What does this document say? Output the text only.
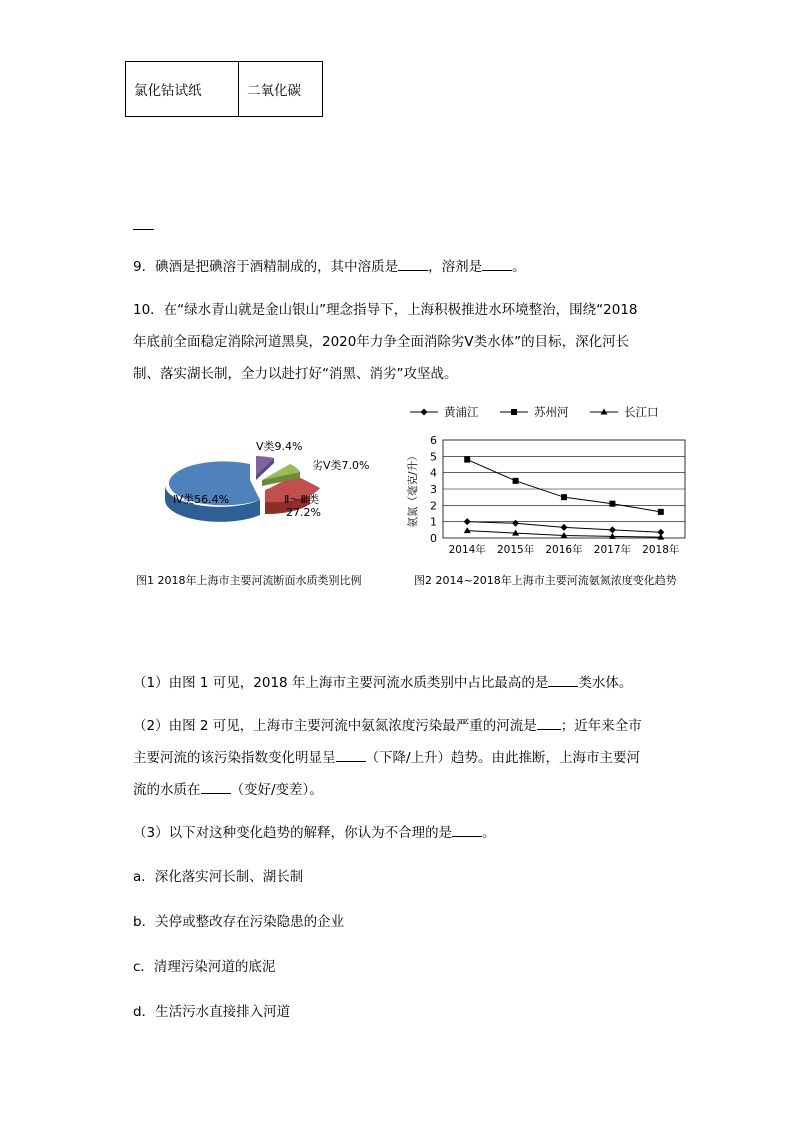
氯化钴试纸	二氧化碳
9．碘酒是把碘溶于酒精制成的，其中溶质是 ，溶剂是 。
10．在“绿水青山就是金山银山”理念指导下，上海积极推进水环境整治，围绕“2018
年底前全面稳定消除河道黑臭，2020年力争全面消除劣Ⅴ类水体”的目标，深化河长
制、落实湖长制，全力以赴打好“消黑、消劣”攻坚战。
Ⅴ类9.4%
劣Ⅴ类7.0%
Ⅳ类56.4%	Ⅱ～Ⅲ类
27.2%
图1 2018年上海市主要河流断面水质类别比例
0
1
2
3
4
5
6
2014年 2015年 2016年 2017年 2018年
氨氮（毫克/升）
黄浦江	苏州河	长江口
图2 2014~2018年上海市主要河流氨氮浓度变化趋势
（1）由图 1 可见，2018 年上海市主要河流水质类别中占比最高的是 类水体。
（2）由图 2 可见，上海市主要河流中氨氮浓度污染最严重的河流是 ；近年来全市
主要河流的该污染指数变化明显呈 （下降/上升）趋势。由此推断，上海市主要河
流的水质在 （变好/变差）。
（3）以下对这种变化趋势的解释，你认为不合理的是 。
a．深化落实河长制、湖长制
b．关停或整改存在污染隐患的企业
c．清理污染河道的底泥
d．生活污水直接排入河道
